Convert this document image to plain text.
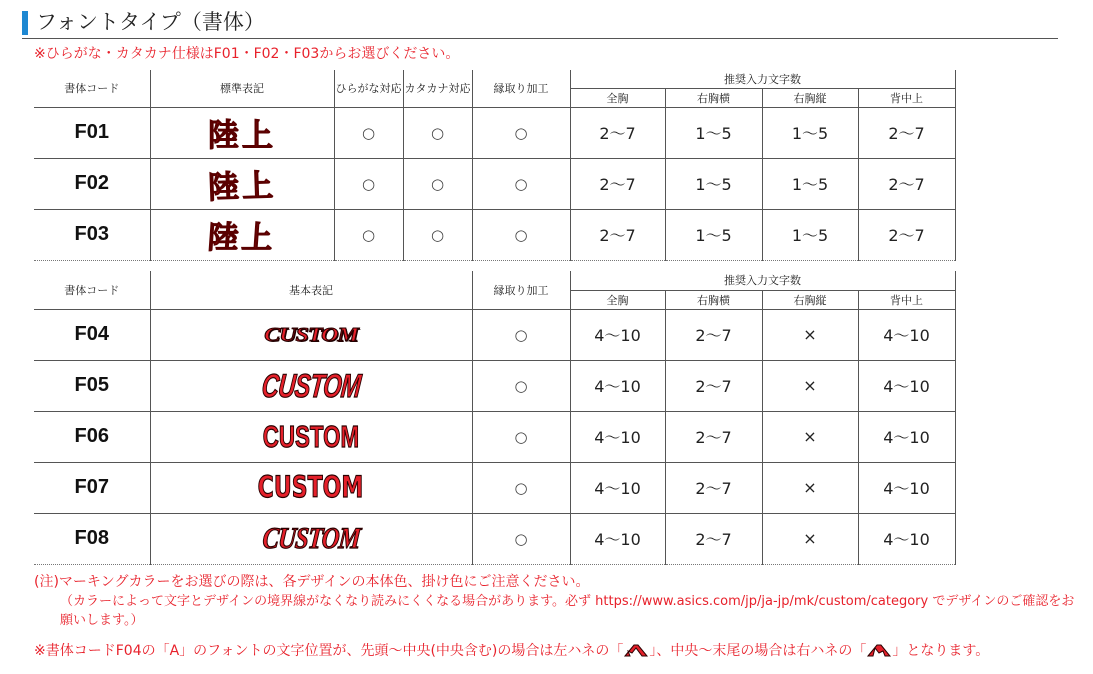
フォントタイプ（書体）
※ひらがな・カタカナ仕様はF01・F02・F03からお選びください。
書体コード	標準表記	ひらがな対応	カタカナ対応	縁取り加工	推奨入力文字数			
					全胸	右胸横	右胸縦	背中上
F01	陸上	○	○	○	2～7	1～5	1～5	2～7
F02	陸上	○	○	○	2～7	1～5	1～5	2～7
F03	陸上	○	○	○	2～7	1～5	1～5	2～7
書体コード	基本表記	縁取り加工	推奨入力文字数			
			全胸	右胸横	右胸縦	背中上
F04	CUSTOM	○	4～10	2～7	×	4～10
F05	CUSTOM	○	4～10	2～7	×	4～10
F06	CUSTOM	○	4～10	2～7	×	4～10
F07	CUSTOM	○	4～10	2～7	×	4～10
F08	CUSTOM	○	4～10	2～7	×	4～10
(注)マーキングカラーをお選びの際は、各デザインの本体色、掛け色にご注意ください。
（カラーによって文字とデザインの境界線がなくなり読みにくくなる場合があります。必ず https://www.asics.com/jp/ja-jp/mk/custom/category でデザインのご確認をお願いします。）
※書体コードF04の「A」のフォントの文字位置が、先頭～中央(中央含む)の場合は左ハネの「 」、中央～末尾の場合は右ハネの「 」となります。
